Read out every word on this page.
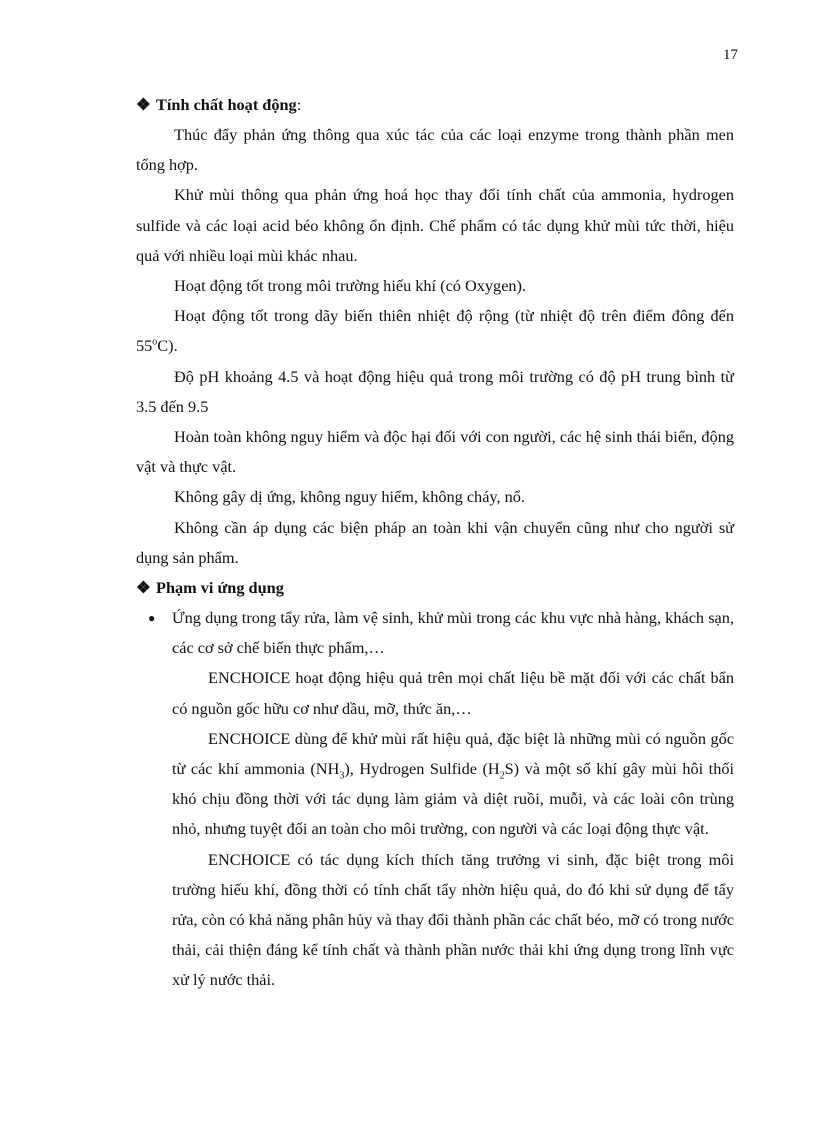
17
❖ Tính chất hoạt động:

Thúc đẩy phản ứng thông qua xúc tác của các loại enzyme trong thành phần men tổng hợp.

Khử mùi thông qua phản ứng hoá học thay đổi tính chất của ammonia, hydrogen sulfide và các loại acid béo không ổn định. Chế phẩm có tác dụng khử mùi tức thời, hiệu quả với nhiều loại mùi khác nhau.

Hoạt động tốt trong môi trường hiếu khí (có Oxygen).

Hoạt động tốt trong dãy biến thiên nhiệt độ rộng (từ nhiệt độ trên điểm đông đến 55$^o$C).

Độ pH khoảng 4.5 và hoạt động hiệu quả trong môi trường có độ pH trung bình từ 3.5 đến 9.5

Hoàn toàn không nguy hiểm và độc hại đối với con người, các hệ sinh thái biển, động vật và thực vật.

Không gây dị ứng, không nguy hiểm, không cháy, nổ.

Không cần áp dụng các biện pháp an toàn khi vận chuyển cũng như cho người sử dụng sản phẩm.

❖ Phạm vi ứng dụng
● Ứng dụng trong tẩy rửa, làm vệ sinh, khử mùi trong các khu vực nhà hàng, khách sạn, các cơ sở chế biến thực phẩm,…

ENCHOICE hoạt động hiệu quả trên mọi chất liệu bề mặt đối với các chất bẩn có nguồn gốc hữu cơ như dầu, mỡ, thức ăn,…

ENCHOICE dùng để khử mùi rất hiệu quả, đặc biệt là những mùi có nguồn gốc từ các khí ammonia $(NH_3)$, Hydrogen Sulfide $(H_2S)$ và một số khí gây mùi hôi thối khó chịu đồng thời với tác dụng làm giảm và diệt ruồi, muỗi, và các loài côn trùng nhỏ, nhưng tuyệt đối an toàn cho môi trường, con người và các loại động thực vật.

ENCHOICE có tác dụng kích thích tăng trưởng vi sinh, đặc biệt trong môi trường hiếu khí, đồng thời có tính chất tẩy nhờn hiệu quả, do đó khi sử dụng để tẩy rửa, còn có khả năng phân hủy và thay đổi thành phần các chất béo, mỡ có trong nước thải, cải thiện đáng kể tính chất và thành phần nước thải khi ứng dụng trong lĩnh vực xử lý nước thải.
